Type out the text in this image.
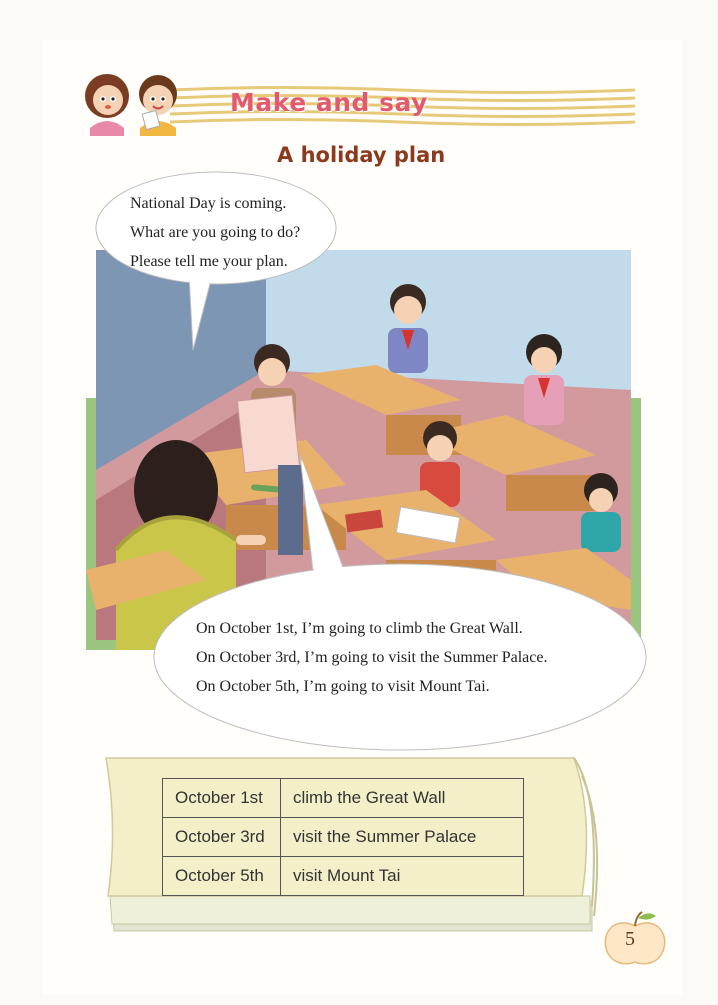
Make and say
A holiday plan
National Day is coming.
What are you going to do?
Please tell me your plan.
On October 1st, I’m going to climb the Great Wall.
On October 3rd, I’m going to visit the Summer Palace.
On October 5th, I’m going to visit Mount Tai.
October 1st	climb the Great Wall
October 3rd	visit the Summer Palace
October 5th	visit Mount Tai
5
